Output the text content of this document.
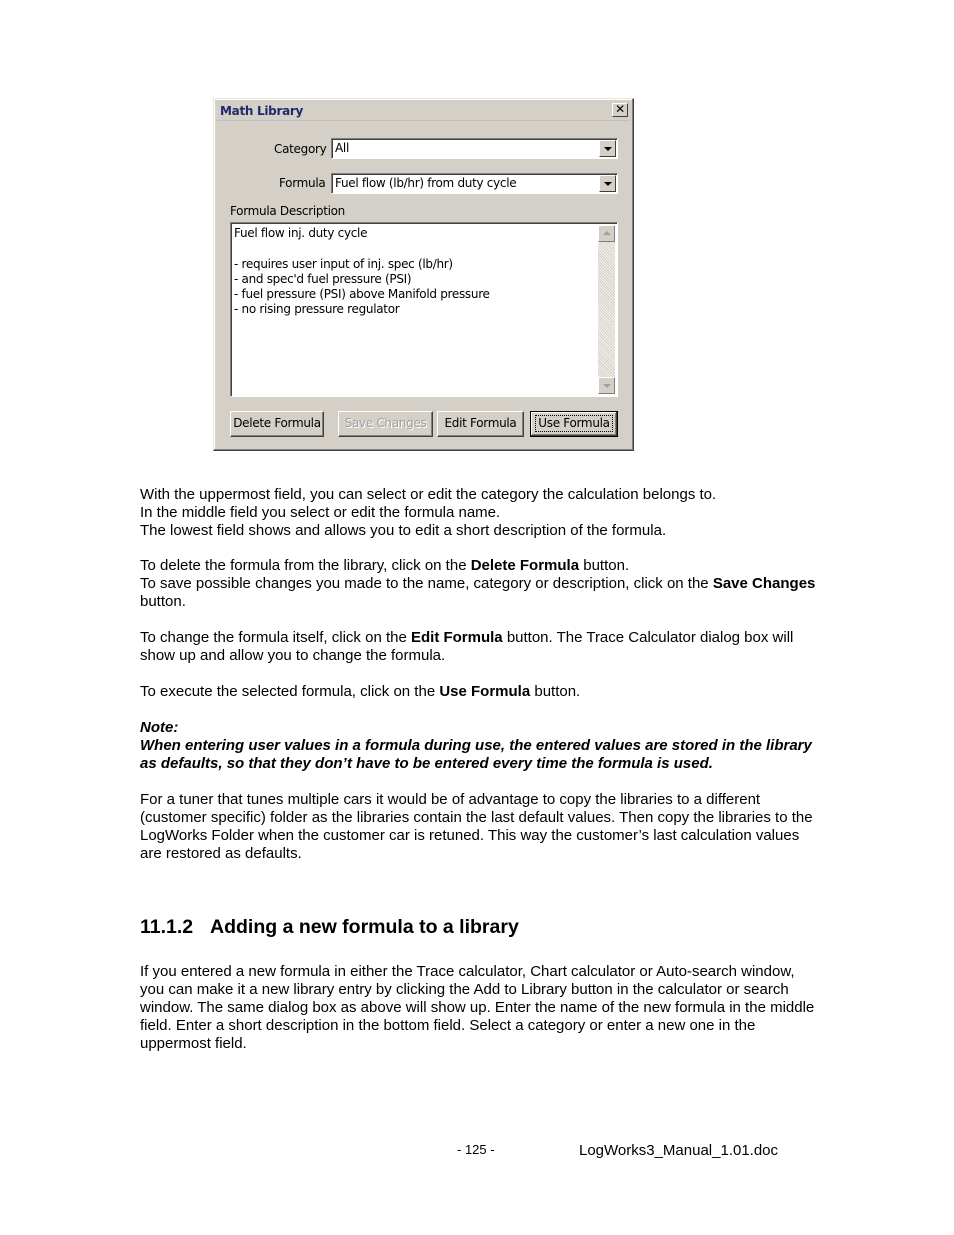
Math Library	✕
Category All
Formula Fuel flow (lb/hr) from duty cycle
Formula Description
Fuel flow inj. duty cycle

- requires user input of inj. spec (lb/hr)
- and spec'd fuel pressure (PSI)
- fuel pressure (PSI) above Manifold pressure
- no rising pressure regulator
Delete Formula	Save Changes	Edit Formula	Use Formula
With the uppermost field, you can select or edit the category the calculation belongs to.
In the middle field you select or edit the formula name.
The lowest field shows and allows you to edit a short description of the formula.
To delete the formula from the library, click on the Delete Formula button.
To save possible changes you made to the name, category or description, click on the Save Changes button.
To change the formula itself, click on the Edit Formula button. The Trace Calculator dialog box will show up and allow you to change the formula.
To execute the selected formula, click on the Use Formula button.
Note:
When entering user values in a formula during use, the entered values are stored in the library as defaults, so that they don’t have to be entered every time the formula is used.
For a tuner that tunes multiple cars it would be of advantage to copy the libraries to a different (customer specific) folder as the libraries contain the last default values. Then copy the libraries to the LogWorks Folder when the customer car is retuned. This way the customer’s last calculation values are restored as defaults.
11.1.2 Adding a new formula to a library
If you entered a new formula in either the Trace calculator, Chart calculator or Auto-search window, you can make it a new library entry by clicking the Add to Library button in the calculator or search window. The same dialog box as above will show up. Enter the name of the new formula in the middle field. Enter a short description in the bottom field. Select a category or enter a new one in the uppermost field.
- 125 -	LogWorks3_Manual_1.01.doc
